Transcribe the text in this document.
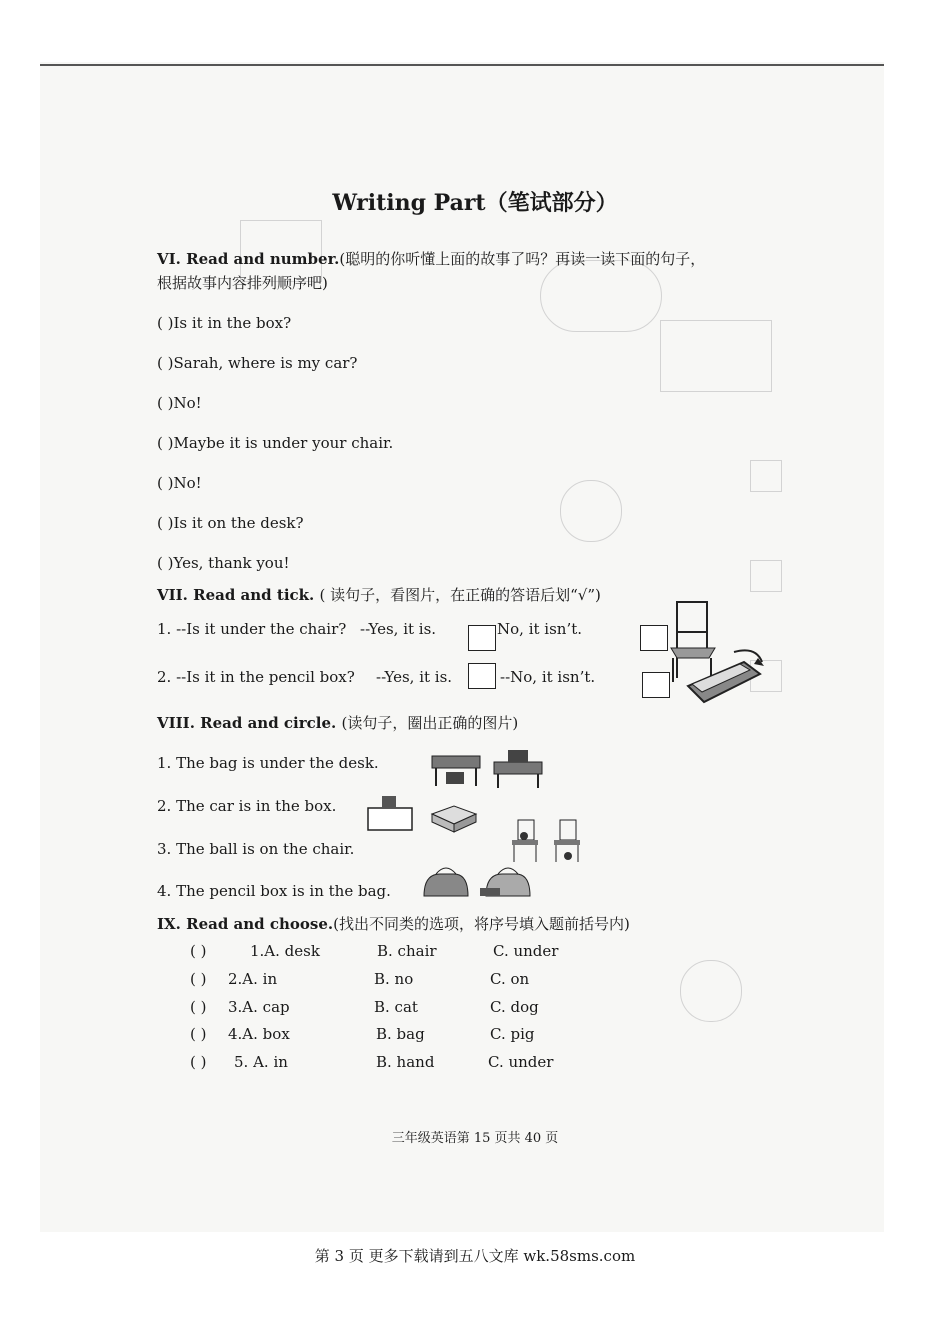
Writing Part（笔试部分）
VI. Read and number.(聪明的你听懂上面的故事了吗？再读一读下面的句子，
根据故事内容排列顺序吧)
( )Is it in the box?
( )Sarah, where is my car?
( )No!
( )Maybe it is under your chair.
( )No!
( )Is it on the desk?
( )Yes, thank you!
VII. Read and tick. ( 读句子，看图片，在正确的答语后划“√”)
1. --Is it under the chair? --Yes, it is.	No, it isn’t.
2. --Is it in the pencil box? --Yes, it is.	--No, it isn’t.
VIII. Read and circle. (读句子，圈出正确的图片)
1. The bag is under the desk.
2. The car is in the box.
3. The ball is on the chair.
4. The pencil box is in the bag.
IX. Read and choose.(找出不同类的选项，将序号填入题前括号内)
( )	1.A. desk	B. chair	C. under
( ) 2.A. in	B. no	C. on
( ) 3.A. cap	B. cat	C. dog
( ) 4.A. box	B. bag	C. pig
( ) 5. A. in	B. hand	C. under
三年级英语第 15 页共 40 页
第 3 页 更多下载请到五八文库 wk.58sms.com
